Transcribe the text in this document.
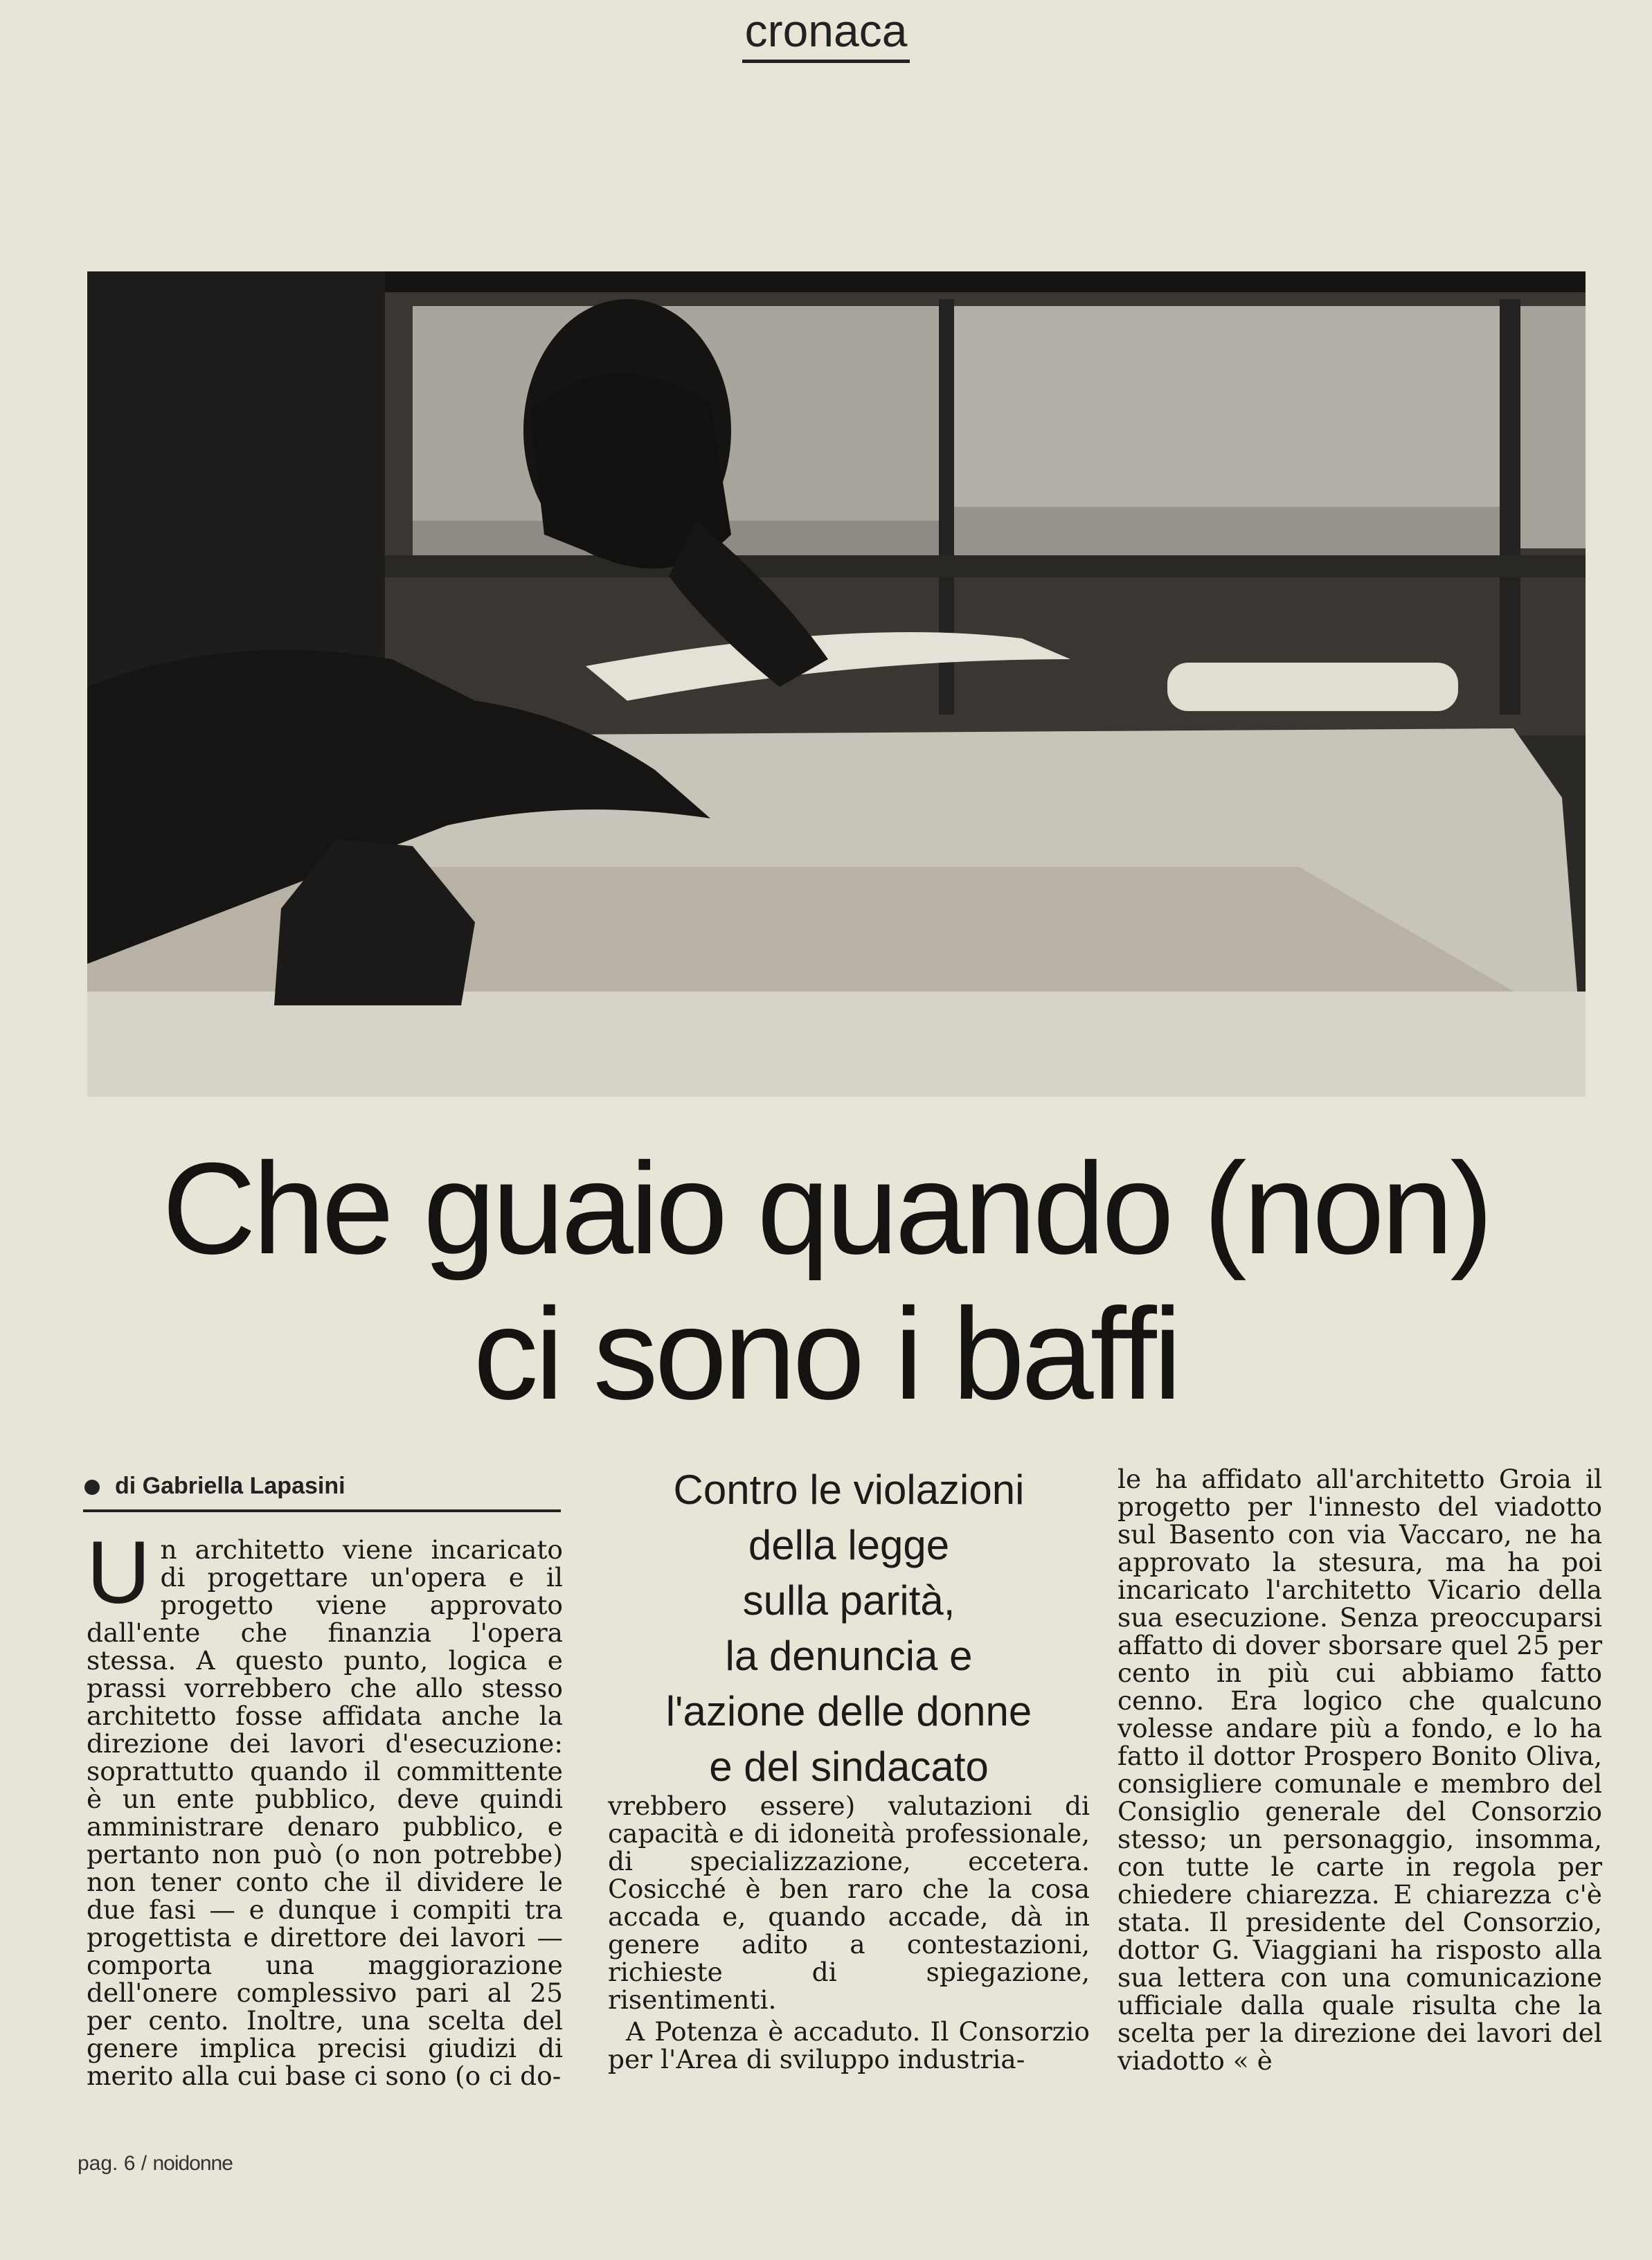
cronaca
Che guaio quando (non)
ci sono i baffi
di Gabriella Lapasini

Un architetto viene incaricato di progettare un'opera e il progetto viene approvato dall'ente che finanzia l'opera stessa. A questo punto, logica e prassi vorrebbero che allo stesso architetto fosse affidata anche la direzione dei lavori d'esecuzione: soprattutto quando il committente è un ente pubblico, deve quindi amministrare denaro pubblico, e pertanto non può (o non potrebbe) non tener conto che il dividere le due fasi — e dunque i compiti tra progettista e direttore dei lavori — comporta una maggiorazione dell'onere complessivo pari al 25 per cento. Inoltre, una scelta del genere implica precisi giudizi di merito alla cui base ci sono (o ci do-

Contro le violazioni
della legge
sulla parità,
la denuncia e
l'azione delle donne
e del sindacato

vrebbero essere) valutazioni di capacità e di idoneità professionale, di specializzazione, eccetera. Cosicché è ben raro che la cosa accada e, quando accade, dà in genere adito a contestazioni, richieste di spiegazione, risentimenti.

A Potenza è accaduto. Il Consorzio per l'Area di sviluppo industria-

le ha affidato all'architetto Groia il progetto per l'innesto del viadotto sul Basento con via Vaccaro, ne ha approvato la stesura, ma ha poi incaricato l'architetto Vicario della sua esecuzione. Senza preoccuparsi affatto di dover sborsare quel 25 per cento in più cui abbiamo fatto cenno. Era logico che qualcuno volesse andare più a fondo, e lo ha fatto il dottor Prospero Bonito Oliva, consigliere comunale e membro del Consiglio generale del Consorzio stesso; un personaggio, insomma, con tutte le carte in regola per chiedere chiarezza. E chiarezza c'è stata. Il presidente del Consorzio, dottor G. Viaggiani ha risposto alla sua lettera con una comunicazione ufficiale dalla quale risulta che la scelta per la direzione dei lavori del viadotto « è

pag. 6 / noidonne
